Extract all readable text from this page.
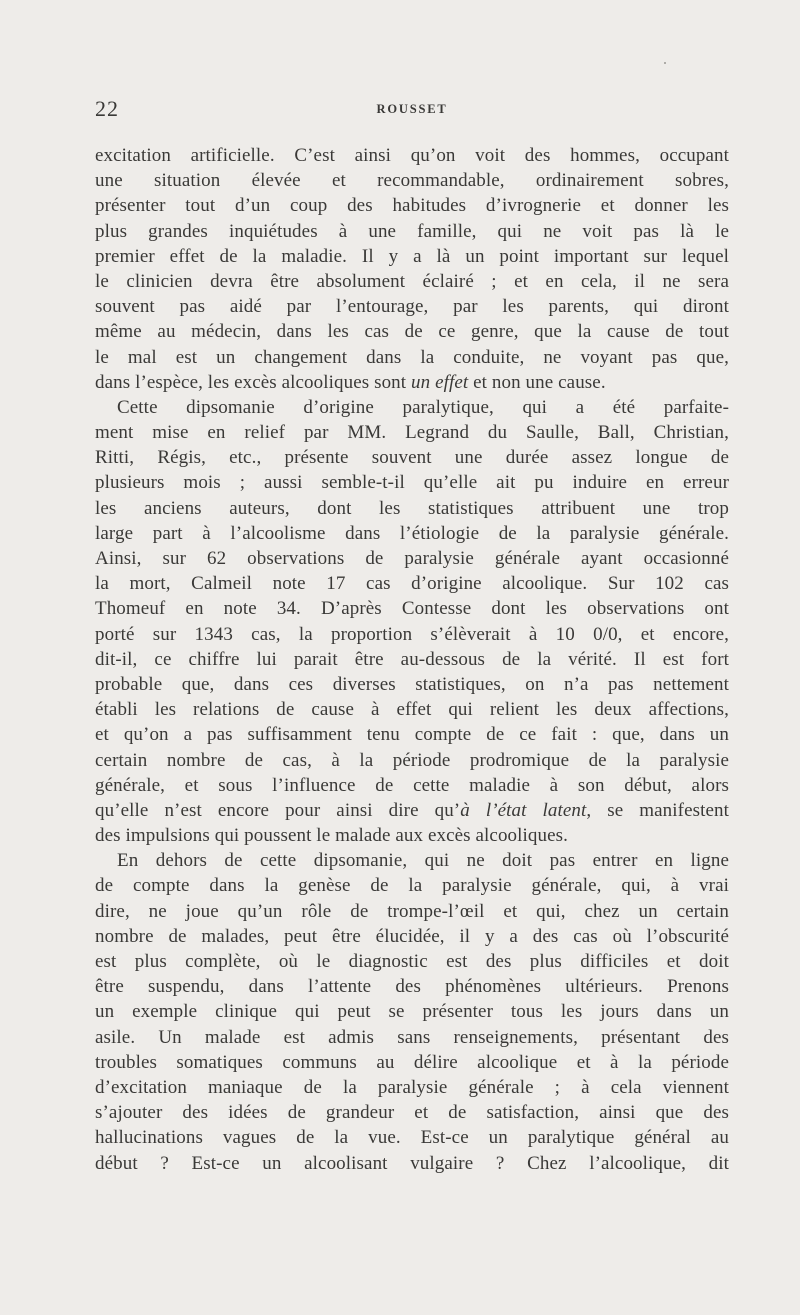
22	ROUSSET
excitation artificielle. C’est ainsi qu’on voit des hommes, occupant
une situation élevée et recommandable, ordinairement sobres,
présenter tout d’un coup des habitudes d’ivrognerie et donner les
plus grandes inquiétudes à une famille, qui ne voit pas là le
premier effet de la maladie. Il y a là un point important sur lequel
le clinicien devra être absolument éclairé ; et en cela, il ne sera
souvent pas aidé par l’entourage, par les parents, qui diront
même au médecin, dans les cas de ce genre, que la cause de tout
le mal est un changement dans la conduite, ne voyant pas que,
dans l’espèce, les excès alcooliques sont un effet et non une cause.
Cette dipsomanie d’origine paralytique, qui a été parfaite-
ment mise en relief par MM. Legrand du Saulle, Ball, Christian,
Ritti, Régis, etc., présente souvent une durée assez longue de
plusieurs mois ; aussi semble-t-il qu’elle ait pu induire en erreur
les anciens auteurs, dont les statistiques attribuent une trop
large part à l’alcoolisme dans l’étiologie de la paralysie générale.
Ainsi, sur 62 observations de paralysie générale ayant occasionné
la mort, Calmeil note 17 cas d’origine alcoolique. Sur 102 cas
Thomeuf en note 34. D’après Contesse dont les observations ont
porté sur 1343 cas, la proportion s’élèverait à 10 0/0, et encore,
dit-il, ce chiffre lui parait être au-dessous de la vérité. Il est fort
probable que, dans ces diverses statistiques, on n’a pas nettement
établi les relations de cause à effet qui relient les deux affections,
et qu’on a pas suffisamment tenu compte de ce fait : que, dans un
certain nombre de cas, à la période prodromique de la paralysie
générale, et sous l’influence de cette maladie à son début, alors
qu’elle n’est encore pour ainsi dire qu’à l’état latent, se manifestent
des impulsions qui poussent le malade aux excès alcooliques.
En dehors de cette dipsomanie, qui ne doit pas entrer en ligne
de compte dans la genèse de la paralysie générale, qui, à vrai
dire, ne joue qu’un rôle de trompe-l’œil et qui, chez un certain
nombre de malades, peut être élucidée, il y a des cas où l’obscurité
est plus complète, où le diagnostic est des plus difficiles et doit
être suspendu, dans l’attente des phénomènes ultérieurs. Prenons
un exemple clinique qui peut se présenter tous les jours dans un
asile. Un malade est admis sans renseignements, présentant des
troubles somatiques communs au délire alcoolique et à la période
d’excitation maniaque de la paralysie générale ; à cela viennent
s’ajouter des idées de grandeur et de satisfaction, ainsi que des
hallucinations vagues de la vue. Est-ce un paralytique général au
début ? Est-ce un alcoolisant vulgaire ? Chez l’alcoolique, dit
